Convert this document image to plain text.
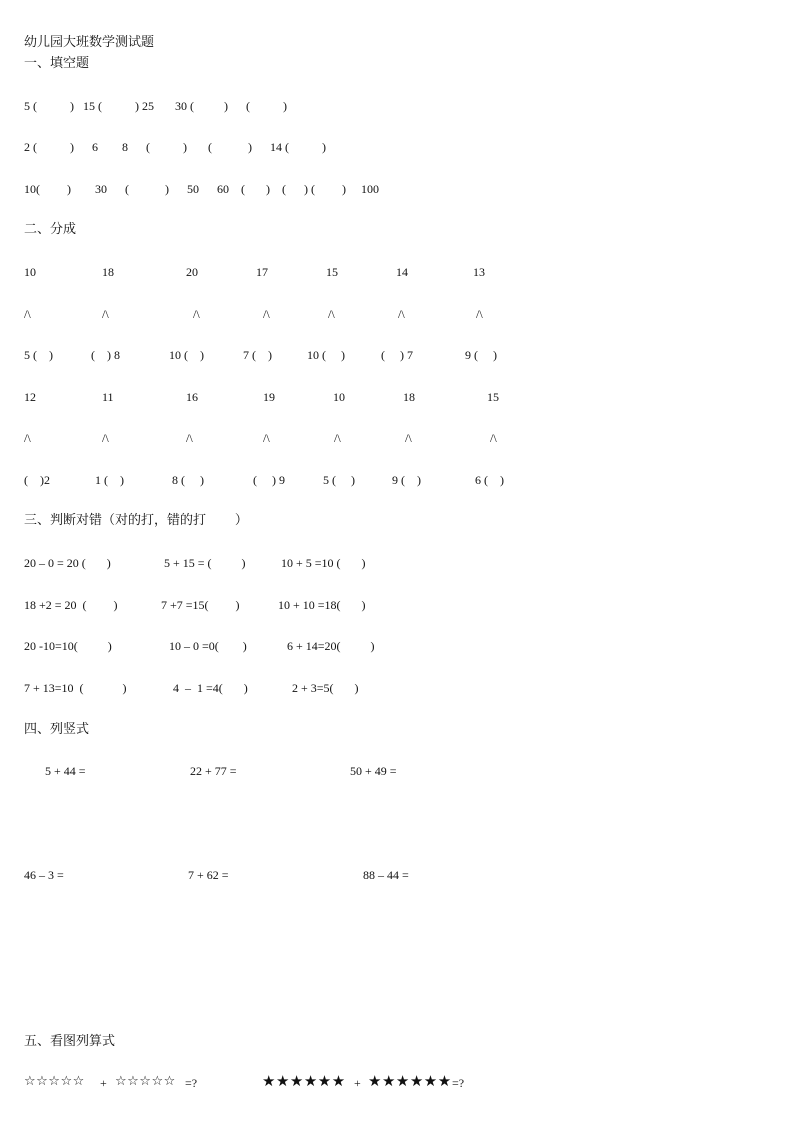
幼儿园大班数学测试题
一、填空题
5 (           )   15 (           ) 25       30 (          )      (           )
2 (           )      6        8      (           )       (            )      14 (           )
10(         )        30      (            )      50      60    (       )    (      ) (         )     100
二、分成
10	18	20	17	15	14	13
/\	/\	/\	/\	/\	/\	/\
5 (    )	(    ) 8	10 (    )	7 (    )	10 (     )	(     ) 7	9 (     )
12	11	16	19	10	18	15
/\	/\	/\	/\	/\	/\	/\
(    )2	1 (    )	8 (     )	(     ) 9	5 (     )	9 (    )	6 (    )
三、判断对错（对的打，错的打       ）
20 – 0 = 20 (       )	5 + 15 = (          )	10 + 5 =10 (       )
18 +2 = 20  (         )	7 +7 =15(         )	10 + 10 =18(       )
20 -10=10(          )	10 – 0 =0(        )	6 + 14=20(          )
7 + 13=10  (             )	4  –  1 =4(       )	2 + 3=5(       )
四、列竖式
5 + 44 =	22 + 77 =	50 + 49 =
46 – 3 =	7 + 62 =	88 – 44 =
五、看图列算式
☆☆☆☆☆ + ☆☆☆☆☆ =?	★★★★★★ + ★★★★★★ =?
